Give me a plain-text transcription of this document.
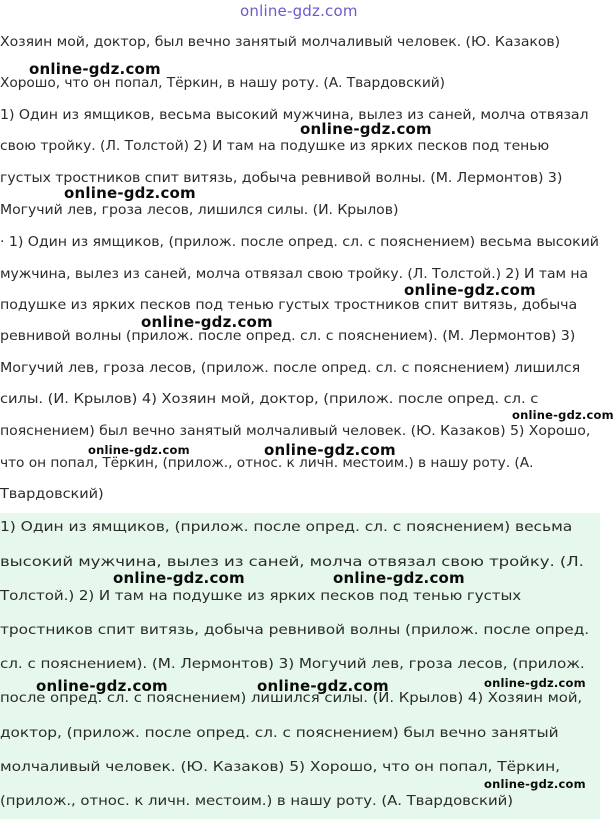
online-gdz.com
Хозяин мой, доктор, был вечно занятый молчаливый человек. (Ю. Казаков)
Хорошо, что он попал, Тёркин, в нашу роту. (А. Твардовский)
1) Один из ямщиков, весьма высокий мужчина, вылез из саней, молча отвязал
свою тройку. (Л. Толстой) 2) И там на подушке из ярких песков под тенью
густых тростников спит витязь, добыча ревнивой волны. (М. Лермонтов) 3)
Могучий лев, гроза лесов, лишился силы. (И. Крылов)
· 1) Один из ямщиков, (прилож. после опред. сл. с пояснением) весьма высокий
мужчина, вылез из саней, молча отвязал свою тройку. (Л. Толстой.) 2) И там на
подушке из ярких песков под тенью густых тростников спит витязь, добыча
ревнивой волны (прилож. после опред. сл. с пояснением). (М. Лермонтов) 3)
Могучий лев, гроза лесов, (прилож. после опред. сл. с пояснением) лишился
силы. (И. Крылов) 4) Хозяин мой, доктор, (прилож. после опред. сл. с
пояснением) был вечно занятый молчаливый человек. (Ю. Казаков) 5) Хорошо,
что он попал, Тёркин, (прилож., относ. к личн. местоим.) в нашу роту. (А.
Твардовский)
1) Один из ямщиков, (прилож. после опред. сл. с пояснением) весьма
высокий мужчина, вылез из саней, молча отвязал свою тройку. (Л.
Толстой.) 2) И там на подушке из ярких песков под тенью густых
тростников спит витязь, добыча ревнивой волны (прилож. после опред.
сл. с пояснением). (М. Лермонтов) 3) Могучий лев, гроза лесов, (прилож.
после опред. сл. с пояснением) лишился силы. (И. Крылов) 4) Хозяин мой,
доктор, (прилож. после опред. сл. с пояснением) был вечно занятый
молчаливый человек. (Ю. Казаков) 5) Хорошо, что он попал, Тёркин,
(прилож., относ. к личн. местоим.) в нашу роту. (А. Твардовский)
online-gdz.com
online-gdz.com
online-gdz.com
online-gdz.com
online-gdz.com
online-gdz.com
online-gdz.com	online-gdz.com
online-gdz.com	online-gdz.com
online-gdz.com
online-gdz.com	online-gdz.com
online-gdz.com
